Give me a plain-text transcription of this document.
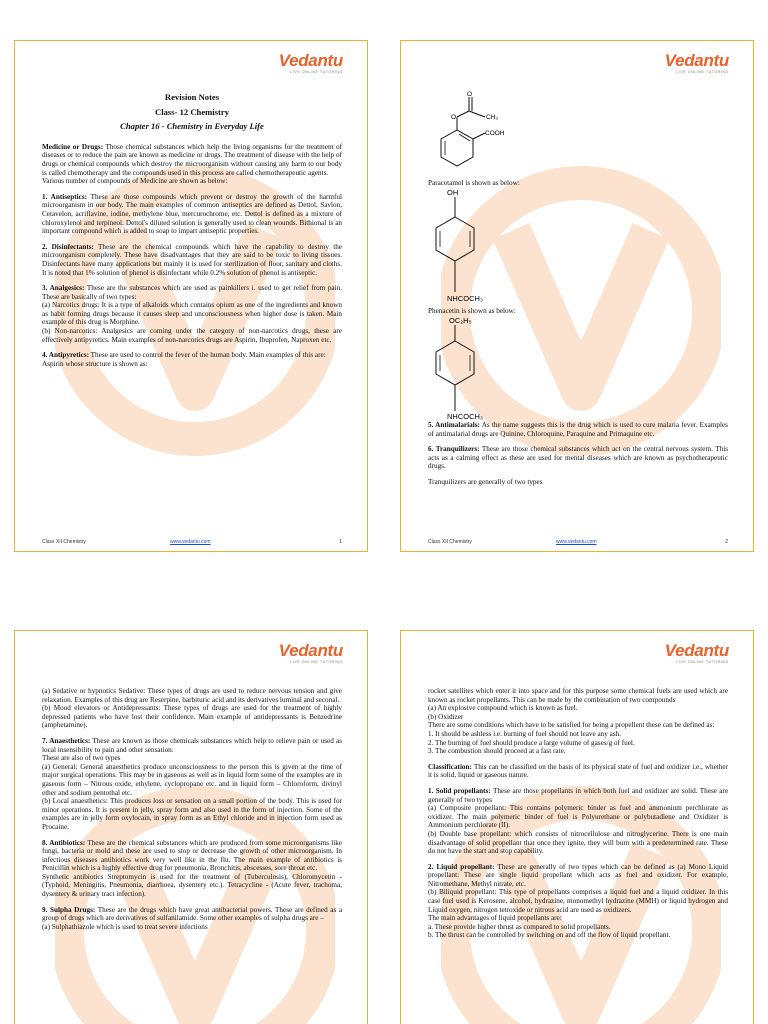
Vedantu
LIVE ONLINE TUTORING
Revision Notes
Class- 12 Chemistry
Chapter 16 - Chemistry in Everyday Life

Medicine or Drugs: Those chemical substances which help the living organisms for the treatment of diseases or to reduce the pain are known as medicine or drugs. The treatment of disease with the help of drugs or chemical compounds which destroy the microorganism without causing any harm to our body is called chemotherapy and the compounds used in this process are called chemotherapeutic agents.
Various number of compounds of Medicine are shown as below:

1. Antiseptics: These are those compounds which prevent or destroy the growth of the harmful microorganism in our body. The main examples of common antiseptics are defined as Dettol, Savlon, Cetavelon, acriflavine, iodine, methylene blue, mercurochrome, etc. Dettol is defined as a mixture of chloroxylenol and terpineol. Dettol's diluted solution is generally used to clean wounds. Bithional is an important compound which is added to soap to impart antiseptic properties.

2. Disinfectants: These are the chemical compounds which have the capability to destroy the microorganism completely. These have disadvantages that they are said to be toxic to living tissues. Disinfectants have many applications but mainly it is used for sterilization of floor, sanitary and cloths. It is noted that 1% solution of phenol is disinfectant while 0.2% solution of phenol is antiseptic.

3. Analgesics: These are the substances which are used as painkillers i. used to get relief from pain. These are basically of two types:
(a) Narcotics drugs: It is a type of alkaloids which contains opium as one of the ingredients and known as habit forming drugs because it causes sleep and unconsciousness when higher dose is taken. Main example of this drug is Morphine.
(b) Non-narcotics: Analgesics are coming under the category of non-narcotics drugs, these are effectively antipyretics. Main examples of non-narcotics drugs are Aspirin, Ibuprofen, Naproxen etc.

4. Antipyretics: These are used to control the fever of the human body. Main examples of this are:
Aspirin whose structure is shown as:

Class XII Chemistry	www.vedantu.com	1
Vedantu
LIVE ONLINE TUTORING
O
O
CH₃
COOH
Paracetamol is shown as below:
OH
NHCOCH₃
Phenacetin is shown as below:
OC₂H₅
NHCOCH₃

5. Antimalarials: As the name suggests this is the drug which is used to cure malaria fever. Examples of antimalarial drugs are Quinine, Chloroquine, Paraquine and Primaquine etc.

6. Tranquilizers: These are those chemical substances which act on the central nervous system. This acts as a calming effect as these are used for mental diseases which are known as psychotherapeutic drugs.

Tranquilizers are generally of two types

Class XII Chemistry	www.vedantu.com	2
Vedantu
LIVE ONLINE TUTORING

(a) Sedative or hypnotics Sedative: These types of drugs are used to reduce nervous tension and give relaxation. Examples of this drug are Reserpine, barbituric acid and its derivatives luminal and seconal.

(b) Mood elevators or Antidepressants: These types of drugs are used for the treatment of highly depressed patients who have lost their confidence. Main example of antidepressants is Benzedrine (amphetamine).

7. Anaesthetics: These are known as those chemicals substances which help to relieve pain or used as local insensibility to pain and other sensation.
These are also of two types
(a) General: General anaesthetics produce unconsciousness to the person this is given at the time of major surgical operations. This may be in gaseous as well as in liquid form some of the examples are in gaseous form – Nitrous oxide, ethylene, cyclopropane etc. and in liquid form – Chloroform, divinyl ether and sodium pentothal etc.
(b) Local anaesthetics: This produces loss or sensation on a small portion of the body. This is used for minor operations. It is present in jelly, spray form and also used in the form of injection. Some of the examples are in jelly form oxylocain, in spray form as an Ethyl chloride and in injection form used as Procaine.

8. Antibiotics: These are the chemical substances which are produced from some microorganisms like fungi, bacteria or mold and these are used to stop or decrease the growth of other microorganism. In infectious diseases antibiotics work very well like in the flu. The main example of antibiotics is Penicillin which is a highly effective drug for pneumonia, Bronchitis, abscesses, sore throat etc.
Synthetic antibiotics Streptomycin is used for the treatment of (Tuberculosis), Chloromycetin - (Typhoid, Meningitis, Pneumonia, diarrhoea, dysentery etc.). Tetracycline - (Acute fever, trachoma, dysentery & urinary tract infection).

9. Sulpha Drugs: These are the drugs which have great antibacterial powers. These are defined as a group of drugs which are derivatives of sulfanilamide. Some other examples of sulpha drugs are –
(a) Sulphathiazole which is used to treat severe infections

Vedantu
LIVE ONLINE TUTORING

rocket satellites which enter it into space and for this purpose some chemical fuels are used which are known as rocket propellants. This can be made by the combination of two compounds
(a) An explosive compound which is known as fuel.
(b) Oxidizer
There are some conditions which have to be satisfied for being a propellent these can be defined as:
1. It should be ashless i.e. burning of fuel should not leave any ash.
2. The burning of fuel should produce a large volume of gases/g of fuel.
3. The combustion should proceed at a fast rate.

Classification: This can be classified on the basis of its physical state of fuel and oxidizer i.e., whether it is solid, liquid or gaseous nature.

1. Solid propellants: These are those propellants in which both fuel and oxidizer are solid. These are generally of two types
(a) Composite propellant: This contains polymeric binder as fuel and ammonium perchlorate as oxidizer. The main polymeric binder of fuel is Polyurethane or polybutadiene and Oxidizer is Ammonium perchlorate (II).
(b) Double base propellant: which consists of nitrocellulose and nitroglycerine. There is one main disadvantage of solid propellant that once they ignite, they will burn with a predetermined rate. These do not have the start and stop capability.

2. Liquid propellant: These are generally of two types which can be defined as (a) Mono Liquid propellant: These are single liquid propellant which acts as fuel and oxidizer. For example, Nitromethane, Methyl nitrate, etc.
(b) Biliquid propellant: This type of propellants comprises a liquid fuel and a liquid oxidizer. In this case fuel used is Kerosene, alcohol, hydrazine, monomethyl hydrazine (MMH) or liquid hydrogen and Liquid oxygen, nitrogen tetroxide or nitrous acid are used as oxidizers.
The main advantages of liquid propellants are:
a. These provide higher thrust as compared to solid propellants.
b. The thrust can be controlled by switching on and off the flow of liquid propellant.
